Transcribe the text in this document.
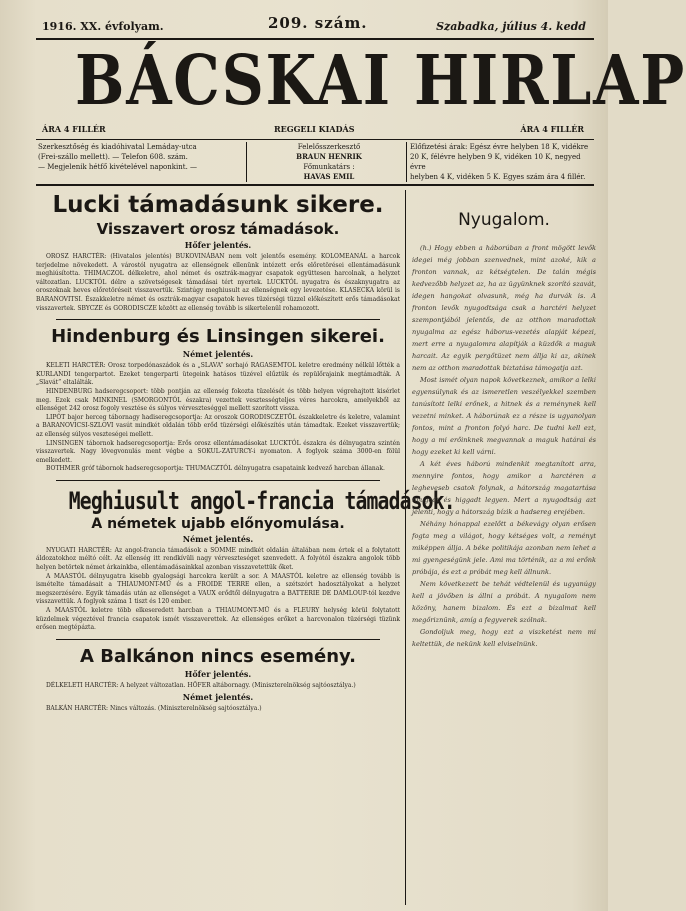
1916. XX. évfolyam.	209. szám.	Szabadka, július 4. kedd
BÁCSKAI HIRLAP
ÁRA 4 FILLÉR	REGGELI KIADÁS	ÁRA 4 FILLÉR
Szerkesztőség és kiadóhivatal Lemáday-utca
(Frei-szállo mellett). — Telefon 608. szám.
— Megjelenik hétfő kivételével naponkint. —
Felelősszerkesztő
BRAUN HENRIK
Főmunkatárs :
HAVAS EMIL
Előfizetési árak: Egész évre helyben 18 K, vidékre
20 K, félévre helyben 9 K, vidéken 10 K, negyed évre
helyben 4 K, vidéken 5 K. Egyes szám ára 4 fillér.
Lucki támadásunk sikere.
Visszavert orosz támadások.
Hőfer jelentés.

OROSZ HARCTÉR: (Hivatalos jelentés) BUKOVINÁBAN nem volt jelentős esemény. KOLOMEANÁL a harcok terjedelme növekedett. A várostól nyugatra az ellenségnek ellenünk intézett erős előretörései ellentámadásunk meghiúsította. THIMACZOL délkeletre, ahol német és osztrák-magyar csapatok együttesen harcolnak, a helyzet változatlan. LUCKTÓL délre a szövetségesek támadásai tért nyertek. LUCKTÓL nyugatra és északnyugatra az oroszoknak heves előretöréseit visszavertük. Szintúgy meghiusult az ellenségnek egy levezetése. KLASECKA körül is BARANOVITSI. Északkeletre német és osztrák-magyar csapatok heves tüzérségi tüzzel előkészített erős támadásokat visszavertek. SBYCZE és GORODISCZE között az ellenség tovább is sikertelenül rohamozott.

Hindenburg és Linsingen sikerei.
Német jelentés.

KELETI HARCTÉR: Orosz torpedónaszádok és a „SLAVA” sorhajó RAGASEMTOL keletre eredmény nélkül lőtték a KURLANDI tengerpartot. Ezeket tengerparti ütegeink hatásos tüzével elűztük és repülőrajaink megtámadták. A „Slavát” eltalálták.

HINDENBURG hadseregcsoport: több pontján az ellenség fokozta tüzelését és több helyen végrehajtott kisérlet meg. Ezek csak MINKINEL (SMORGONTÓL északra) vezettek vesztességteljes véres harcokra, amelyekből az ellenséget 242 orosz fogoly vesztése és súlyos vérveszteséggel mellett szorított vissza.

LIPÓT bajor herceg tábornagy hadiseregcsoportja: Az oroszok GORODISCZETŐL északkeletre és keletre, valamint a BARANOVICSI-SZLOVI vasút mindkét oldalán több erőd tüzérségi előkészítés után támadtak. Ezeket visszavertük; az ellenség súlyos veszteségei mellett.

LINSINGEN tábornok hadseregcsoportja: Erős orosz ellentámadásokat LUCKTÓL északra és délnyugatra szintén visszavertek. Nagy lövegvonulás ment végbe a SOKUL-ZATURCY-i nyomaton. A foglyok száma 3000-en fölül emelkedett.

BOTHMER gróf tábornok hadseregcsoportja: THUMACZTÓL délnyugatra csapataink kedvező harcban állanak.

Meghiusult angol-francia támadások.
A németek ujabb előnyomulása.
Német jelentés.

NYUGATI HARCTÉR: Az angol-francia támadások a SOMME mindkét oldalán általában nem értek el a folytatott áldozatokhoz méltó célt. Az ellenség itt rendkívüli nagy vérveszteséget szenvedett. A folyótól északra angolok több helyen betörtek német árkainkba, ellentámadásainkkal azonban visszavetettük őket.

A MAASTÓL délnyugatra kisebb gyalogsági harcokra került a sor. A MAASTÓL keletre az ellenség tovább is ismételte támadásait a THIAUMONT-MŰ és a FROIDE TERRE ellen, a szétszórt hadosztályokat a helyzet megszerzésére. Egyik támadás után az ellenséget a VAUX erődtől délnyugatra a BATTERIE DE DAMLOUP-tól kezdve visszavettük. A foglyok száma 1 tiszt és 120 ember.

A MAASTÓL keletre több elkeseredett harcban a THIAUMONT-MŰ és a FLEURY helység körül folytatott küzdelmek végeztével francia csapatok ismét visszaverettek. Az ellenséges erőket a harcvonalon tüzérségi tüzünk erősen megtépázta.

A Balkánon nincs esemény.
Hőfer jelentés.

DÉLKELETI HARCTÉR: A helyzet változatlan. HŐFER altábornagy. (Miniszterelnökség sajtóosztálya.)

Német jelentés.

BALKÁN HARCTÉR: Nincs változás. (Miniszterelnökség sajtóosztálya.)

Nyugalom.

(h.) Hogy ebben a háborúban a front mögött levők idegei még jobban szenvednek, mint azoké, kik a fronton vannak, az kétségtelen. De talán mégis kedvezőbb helyzet az, ha az ügyünknek szorító szavát, idegen hangokat olvasunk, még ha durvák is. A fronton levők nyugodtsága csak a harctéri helyzet szempontjából jelentős, de az otthon maradottak nyugalma az egész háborus-vezetés alapját képezi, mert erre a nyugalomra alapítják a küzdők a maguk harcait. Az egyik pergőtüzet nem állja ki az, akinek nem az otthon maradottak biztatása támogatja azt.

Most ismét olyan napok következnek, amikor a lelki egyensúlynak és az ismeretlen veszélyekkel szemben tanúsított lelki erőnek, a hitnek és a reménynek kell vezetni minket. A háborúnak ez a része is ugyanolyan fontos, mint a fronton folyó harc. De tudni kell ezt, hogy a mi erőinknek megvannak a maguk határai és hogy ezeket ki kell várni.

A két éves háború mindenkit megtanított arra, mennyire fontos, hogy amikor a harctéren a legheveseb csatok folynak, a hátország magatartása nyugodt és higgadt legyen. Mert a nyugodtság azt jelenti, hogy a hátország bízik a hadsereg erejében.

Néhány hónappal ezelőtt a békevágy olyan erősen fogta meg a világot, hogy kétséges volt, a reményt miképpen állja. A béke politikája azonban nem lehet a mi gyengeségünk jele. Ami ma történik, az a mi erőnk próbája, és ezt a próbát meg kell állnunk.

Nem következett be tehát védtelenül és ugyanúgy kell a jövőben is állni a próbát. A nyugalom nem közöny, hanem bizalom. És ezt a bizalmat kell megőriznünk, amíg a fegyverek szólnak.

Gondoljuk meg, hogy ezt a viszketést nem mi keltettük, de nekünk kell elviselnünk.
